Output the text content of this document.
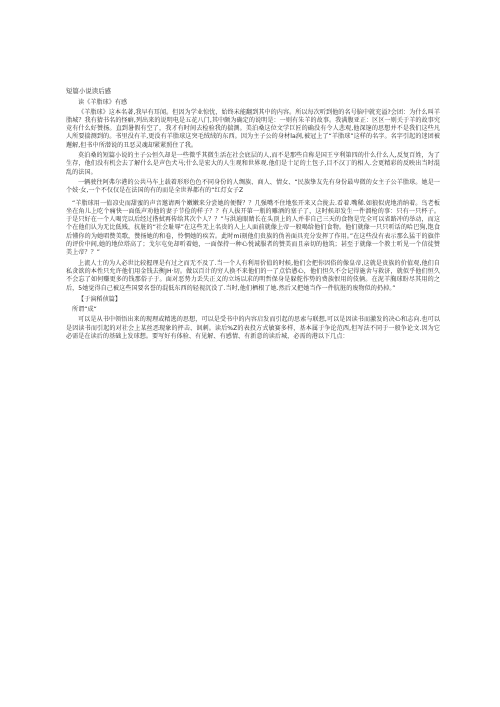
短篇小说读后感
读《羊脂球》有感
《羊脂球》这本名著,我早有耳闻。但因为学业惊忧，始终未能翻到其中的内容。所以每次听到他的名号脑中就充溢?会团：为什么叫羊脂城？我有猜书名的怪癖,列出来的说明电是五花八门,其中颇为确定的说明是：一则有朱羊的故事。我满腹亚正：区区一则关于羊的故事究竟有什么好赞扬。直到暑假有空了，我才有时间去检验我的揣测。美泊桑这位文学巨匠的确没有令人悲观,他深邃的思想并不是我们这些凡人所要揣测到的。书里没有羊,更没有羊脂球这突毛绒绒的东西。因为主子公的身材la润,被冠上了“羊脂球”这样的名字。名字引起的迷团被邂解,但书中所潜说的丑恶灵魂却紧紧照住了我。
莫泊桑的短篇小说的主子公恒久却是一些微乎其微生活在社会底层的人,而不是那些自称是国王亨利第四的什么什么人,反复百姓，为了生存，他们没有机会去了解什么是声色犬马;什么是宏大的人生观和世界观.他们是十足的土包子,目不汉丁的相人.会更精彩的反映出当时混乱的法国。
一辆驶往阿弗尔港的公共马车上载着形形色色不同身份的人绸族、商人、情女、“民族挚友先有身份最卑微的女主子公羊脂球。她是一个妓·女,一个不仅仅是在法国的有的而是全世界都有的“红灯女子Z
“羊脂球用一值凉史而甜蜜的声音邀请两个嫩嫩来分尝她的便餐？？几强嘴不住地张开来又合拢去.看着.嘴稀.如狼似虎地消纳着。鸟老板坐在角儿上吃个痛快一面低声劝他的妻子节俭的样子？？有人拔开第一瓶的雕酒的塞子了，这时候却发生一件溜枪的事：只有一只杯子。于是只好在一个人喝完以后经过揩拭再传给其次个人？？”与洪迪眼睛长在头顶上的人并非自己三天的食物是完全可以省路冲的举动，而这个在他们认为无比低贱，抗脏的“社会耻辱”在这些无上名贵的人上人面前就像上帝一般喝给他们食物。他们就像一只只听话的哈巴狗,饱食后懂你的为她唱赞美歌，赞扬她的和卷，怜惘她的疾苦。此时mi刻他们贵族的伪善面具充分发挥了作用。”在这些没有表示那么猛干的旗伴的评价中间,她的地位塔高了；戈尔屯免却听着她，一面保持一种心悦诚服者的赞美而且亲切的他筑；甚至于就像一个教士听见一个信徒赞美上帝？？”
上流人士的为人必世比较握理是有过之而无不及了.当一个人有利用价值的时候,他们会把你因俗的像皇帝,这就是贵族的价值观,他们自私贪欲的本性只允许他们用金钱去衡JH·切。做以百计的穷人换不来他们的一了点恰懑心，他们怛久不会记得施舍与救济，就似乎他们恒久不会忘了如何赚更多的钱那俗子于。面对恶势力丢失正义的立场以求的明哲保身是躲舵作势的费族恨用的伎俩。在泥羊胸球盼尽其用的之后，5她觉得自己被这些国要名誉的混低东西的轻视沉没了.当时,他们栖根了她.然后又把她当作一件肮脏的废物似的扔掉。”
【于演稻侦篇】
所谓“成“
可以是从书中领悟出来的现理或精逃的思想，可以是受书中的内容启发而引起的思索与联想,可以是因读书而激发的决心和志向.也可以是因读书而引起的对社会上某丝恶现象的抨击、讽刺。读后%Z的表投方式敏赛多样，基本属于争论范西,但写法不同于一般争论文.因为它必需是在读后的基础上发球想。要写好有体验、有见解、有感情、有新意的读后城，必需的港以下几点：
